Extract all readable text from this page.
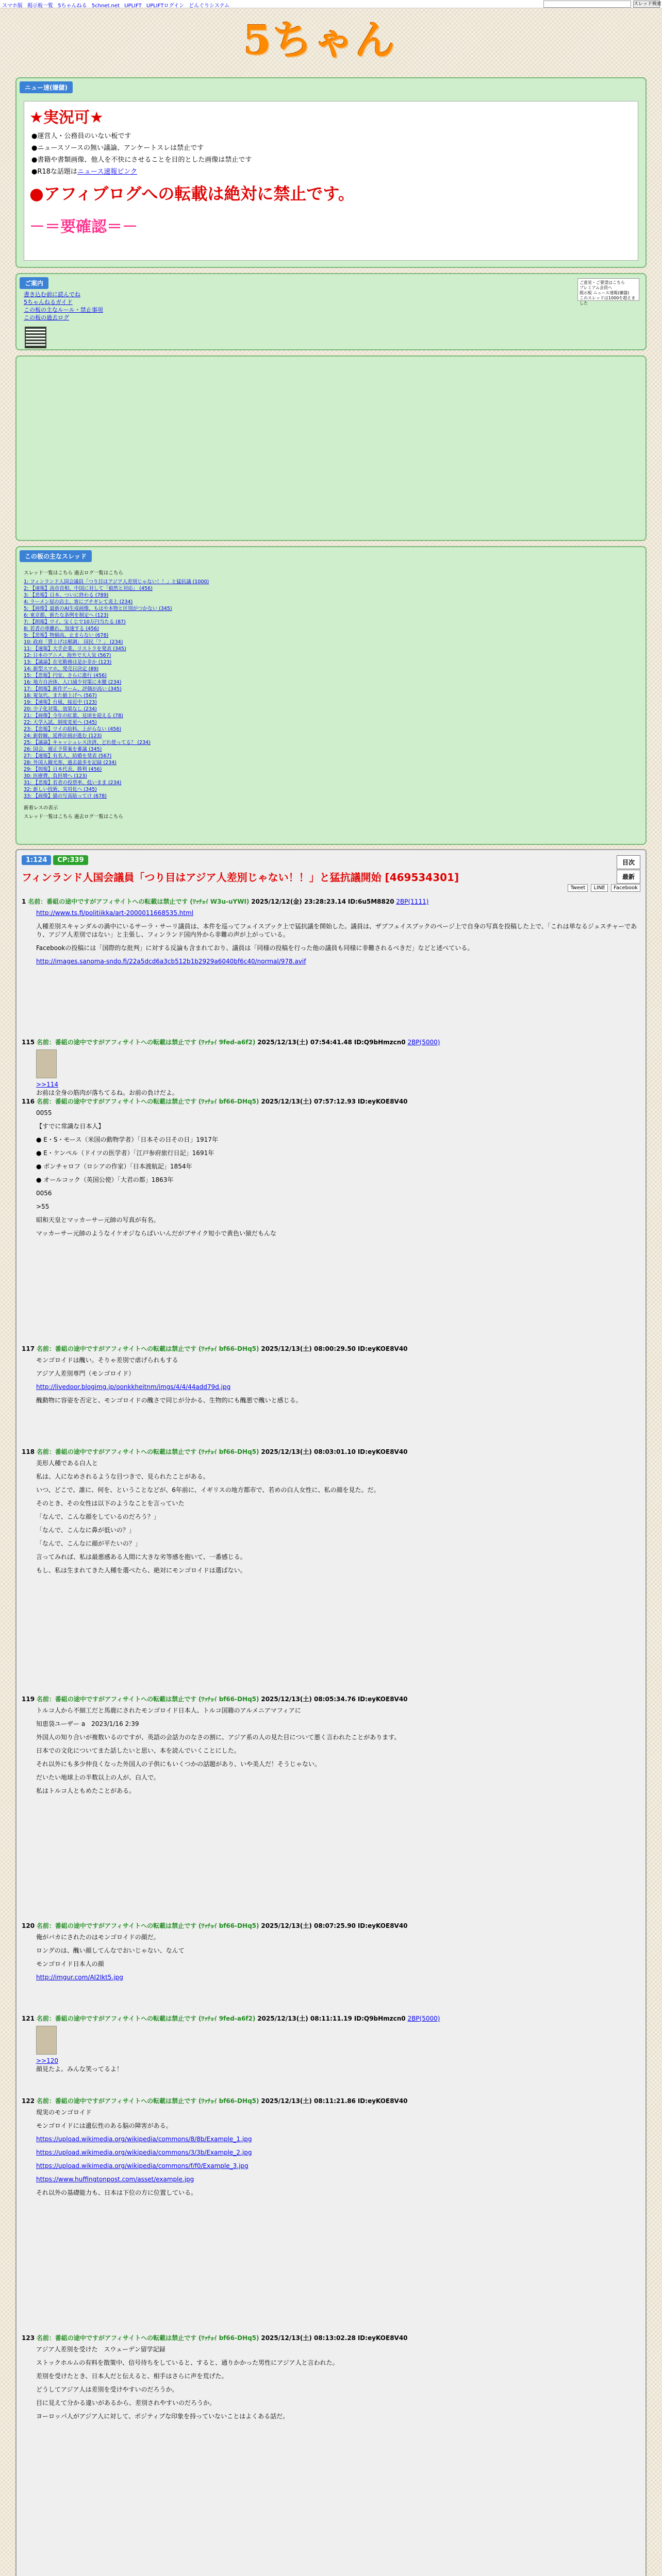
スマホ版 掲示板一覧 5ちゃんねる 5chnet.net UPLIFT UPLIFTログイン どんぐりシステム	スレッド検索
5ちゃん
ニュー速(嫌儲)
★実況可★
●運営人・公務員のいない板です
●ニュースソースの無い議論、アンケートスレは禁止です
●書籍や書類画像、他人を不快にさせることを目的とした画像は禁止です
●R18な話題はニュース速報ピンク
●アフィブログへの転載は絶対に禁止です。
－＝要確認＝－
ご案内
書き込む前に読んでね
5ちゃんねるガイド
この板の主なルール・禁止事項
この板の過去ログ
ご意見・ご要望はこちら
プレミアム会員へ
掲示板 ニュース速報(嫌儲)
このスレッドは1000を超えました
この板の主なスレッド
スレッド一覧はこちら 過去ログ一覧はこちら
1: フィンランド人国会議員「つり目はアジア人差別じゃない！！」と猛抗議 (1000)
2: 【速報】高市首相、中国に対して「毅然と対応」 (456)
3: 【悲報】日本、ついに終わる (789)
4: ラーメン屋の店主、客にブチギレて炎上 (234)
5: 【画像】最新のAI生成画像、もはや本物と区別がつかない (345)
6: 東京都、新たな条例を制定へ (123)
7: 【朗報】ワイ、宝くじで10万円当たる (87)
8: 若者の車離れ、加速する (456)
9: 【悲報】物価高、止まらない (678)
10: 政府「賃上げは順調」 国民「？」 (234)
11: 【速報】大手企業、リストラを発表 (345)
12: 日本のアニメ、海外で大人気 (567)
13: 【議論】在宅勤務は是か非か (123)
14: 新型スマホ、発売日決定 (89)
15: 【悲報】円安、さらに進行 (456)
16: 地方自治体、人口減少対策に本腰 (234)
17: 【朗報】新作ゲーム、評価が高い (345)
18: 電気代、また値上げへ (567)
19: 【速報】台風、接近中 (123)
20: 少子化対策、効果なし (234)
21: 【画像】今年の紅葉、見頃を迎える (78)
22: 大学入試、制度変更へ (345)
23: 【悲報】ワイの給料、上がらない (456)
24: 新幹線、延伸計画が進む (123)
25: 【議論】キャッシュレス決済、どれ使ってる？ (234)
26: 国会、補正予算案を審議 (345)
27: 【速報】有名人、結婚を発表 (567)
28: 外国人観光客、過去最多を記録 (234)
29: 【朗報】日本代表、勝利 (456)
30: 医療費、負担増へ (123)
31: 【悲報】若者の投票率、低いまま (234)
32: 新しい技術、実用化へ (345)
33: 【画像】猫の写真貼ってけ (678)
新着レスの表示
スレッド一覧はこちら 過去ログ一覧はこちら
1:124 CP:339
フィンランド人国会議員「つり目はアジア人差別じゃない！！」と猛抗議開始 [469534301]
目次
最新
Tweet LINE Facebook
1 名前：番組の途中ですがアフィサイトへの転載は禁止です (ﾜｯﾁｮｲ W3u-uYWI) 2025/12/12(金) 23:28:23.14 ID:6u5M8820 2BP(1111)

http://www.ts.fi/politiikka/art-2000011668535.html

人種差別スキャンダルの渦中にいるサーラ・サーリ議員は、本件を巡ってフェイスブック上で猛抗議を開始した。議員は、ザブフェイスブックのページ上で自身の写真を投稿した上で、「これは単なるジェスチャーであり、アジア人差別ではない」と主張し、フィンランド国内外から非難の声が上がっている。

Facebookの投稿には「国際的な批判」に対する反論も含まれており、議員は「同様の投稿を行った他の議員も同様に非難されるべきだ」などと述べている。

http://images.sanoma-sndo.fi/22a5dcd6a3cb512b1b2929a6040bf6c40/normal/978.avif

115 名前：番組の途中ですがアフィサイトへの転載は禁止です (ﾜｯﾁｮｲ 9fed-a6f2) 2025/12/13(土) 07:54:41.48 ID:Q9bHmzcn0 2BP(5000)
>>114

お前は全身の筋肉が落ちてるね。お前の負けだよ。

116 名前：番組の途中ですがアフィサイトへの転載は禁止です (ﾜｯﾁｮｲ bf66-DHq5) 2025/12/13(土) 07:57:12.93 ID:eyKOE8V40

0055

【すでに常識な日本人】

● E・S・モース（米国の動物学者）「日本その日その日」1917年

● E・ケンペル（ドイツの医学者）「江戸参府旅行日記」1691年

● ポンチャロフ（ロシアの作家）「日本渡航記」1854年

● オールコック（英国公使）「大君の都」1863年

0056

>55

昭和天皇とマッカーサー元帥の写真が有名。

マッカーサー元帥のようなイケオジならばいいんだがブサイク短小で黄色い猿だもんな

117 名前：番組の途中ですがアフィサイトへの転載は禁止です (ﾜｯﾁｮｲ bf66-DHq5) 2025/12/13(土) 08:00:29.50 ID:eyKOE8V40

モンゴロイドは醜い。そりゃ差別で虐げられもする

アジア人差別専門（モンゴロイド）

http://livedoor.blogimg.jp/oonkkheitnm/imgs/4/4/44add79d.jpg

醜動物に容姿を否定と、モンゴロイドの醜さで同じが分かる、生物的にも醜悪で醜いと感じる。

118 名前：番組の途中ですがアフィサイトへの転載は禁止です (ﾜｯﾁｮｲ bf66-DHq5) 2025/12/13(土) 08:03:01.10 ID:eyKOE8V40

美形人種である白人と

私は、人になめされるような目つきで、見られたことがある。

いつ、どこで、誰に、何を、ということなどが、6年前に、イギリスの地方都市で、若めの白人女性に、私の顔を見た。だ。

そのとき、その女性は以下のようなことを言っていた

「なんで、こんな顔をしているのだろう？」

「なんで、こんなに鼻が低いの？」

「なんで、こんなに顔が平たいの？」

言ってみれば、私は最悪感ある人間に大きな劣等感を抱いて、一番感じる。

もし、私は生まれてきた人種を選べたら、絶対にモンゴロイドは選ばない。

119 名前：番組の途中ですがアフィサイトへの転載は禁止です (ﾜｯﾁｮｲ bf66-DHq5) 2025/12/13(土) 08:05:34.76 ID:eyKOE8V40

トルコ人から不細工だと馬鹿にされたモンゴロイド日本人、トルコ国籍のアルメニアマフィアに

知恵袋ユーザー a　2023/1/16 2:39

外国人の知り合いが複数いるのですが、英語の会話力のなさの割に、アジア系の人の見た目について悪く言われたことがあります。

日本での文化についてまた話したいと思い、本を読んでいくことにした。

それ以外にも多少仲良くなった外国人の子供にもいくつかの話題があり、いや美人だ！そうじゃない。

だいたい地球上の半数以上の人が、白人で。

私はトルコ人ともめたことがある。

120 名前：番組の途中ですがアフィサイトへの転載は禁止です (ﾜｯﾁｮｲ bf66-DHq5) 2025/12/13(土) 08:07:25.90 ID:eyKOE8V40

俺がバカにされたのはモンゴロイドの顔だ。

ロングのは、醜い顔してんなでおいじゃない、なんて

モンゴロイド日本人の顔

http://imgur.com/AI2Ikt5.jpg

121 名前：番組の途中ですがアフィサイトへの転載は禁止です (ﾜｯﾁｮｲ 9fed-a6f2) 2025/12/13(土) 08:11:11.19 ID:Q9bHmzcn0 2BP(5000)
>>120

顔見たよ。みんな笑ってるよ！

122 名前：番組の途中ですがアフィサイトへの転載は禁止です (ﾜｯﾁｮｲ bf66-DHq5) 2025/12/13(土) 08:11:21.86 ID:eyKOE8V40

現実のモンゴロイド

モンゴロイドには遺伝性のある脳の障害がある。

https://upload.wikimedia.org/wikipedia/commons/8/8b/Example_1.jpg

https://upload.wikimedia.org/wikipedia/commons/3/3b/Example_2.jpg

https://upload.wikimedia.org/wikipedia/commons/f/f0/Example_3.jpg

https://www.huffingtonpost.com/asset/example.jpg

それ以外の基礎能力も、日本は下位の方に位置している。

123 名前：番組の途中ですがアフィサイトへの転載は禁止です (ﾜｯﾁｮｲ bf66-DHq5) 2025/12/13(土) 08:13:02.28 ID:eyKOE8V40

アジア人差別を受けた　スウェーデン留学記録

ストックホルムの有料を散策中、信号待ちをしていると、すると、通りかかった男性にアジア人と言われた。

差別を受けたとき、日本人だと伝えると、相手はさらに声を荒げた。

どうしてアジア人は差別を受けやすいのだろうか。

目に見えて分かる違いがあるから、差別されやすいのだろうか。

ヨーロッパ人がアジア人に対して、ポジティブな印象を持っていないことはよくある話だ。
